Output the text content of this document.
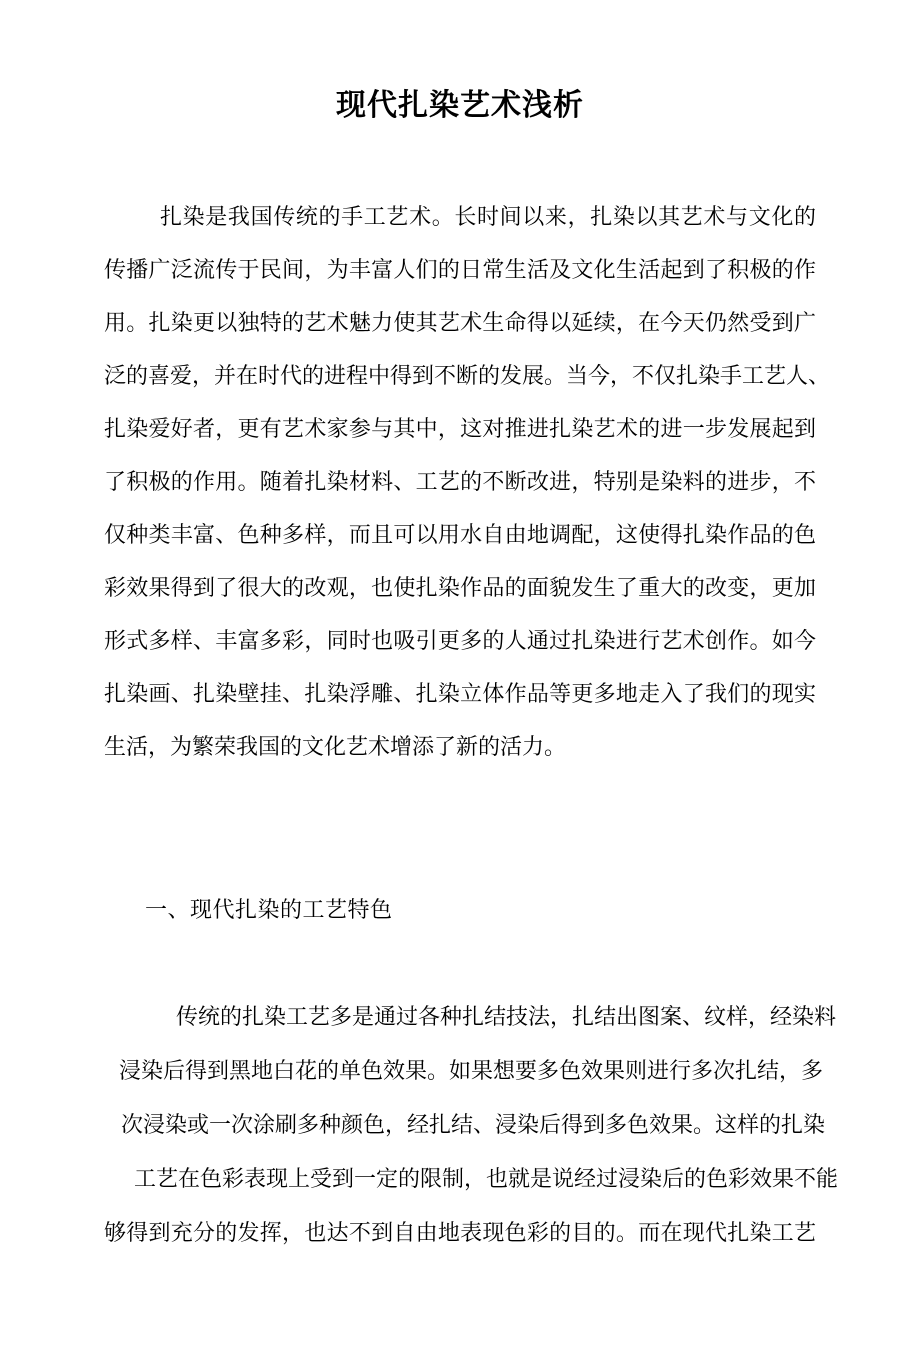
现代扎染艺术浅析
扎染是我国传统的手工艺术。长时间以来，扎染以其艺术与文化的
传播广泛流传于民间，为丰富人们的日常生活及文化生活起到了积极的作
用。扎染更以独特的艺术魅力使其艺术生命得以延续，在今天仍然受到广
泛的喜爱，并在时代的进程中得到不断的发展。当今，不仅扎染手工艺人、
扎染爱好者，更有艺术家参与其中，这对推进扎染艺术的进一步发展起到
了积极的作用。随着扎染材料、工艺的不断改进，特别是染料的进步，不
仅种类丰富、色种多样，而且可以用水自由地调配，这使得扎染作品的色
彩效果得到了很大的改观，也使扎染作品的面貌发生了重大的改变，更加
形式多样、丰富多彩，同时也吸引更多的人通过扎染进行艺术创作。如今
扎染画、扎染壁挂、扎染浮雕、扎染立体作品等更多地走入了我们的现实
生活，为繁荣我国的文化艺术增添了新的活力。
一、现代扎染的工艺特色
传统的扎染工艺多是通过各种扎结技法，扎结出图案、纹样，经染料
浸染后得到黑地白花的单色效果。如果想要多色效果则进行多次扎结，多
次浸染或一次涂刷多种颜色，经扎结、浸染后得到多色效果。这样的扎染
工艺在色彩表现上受到一定的限制，也就是说经过浸染后的色彩效果不能
够得到充分的发挥，也达不到自由地表现色彩的目的。而在现代扎染工艺
